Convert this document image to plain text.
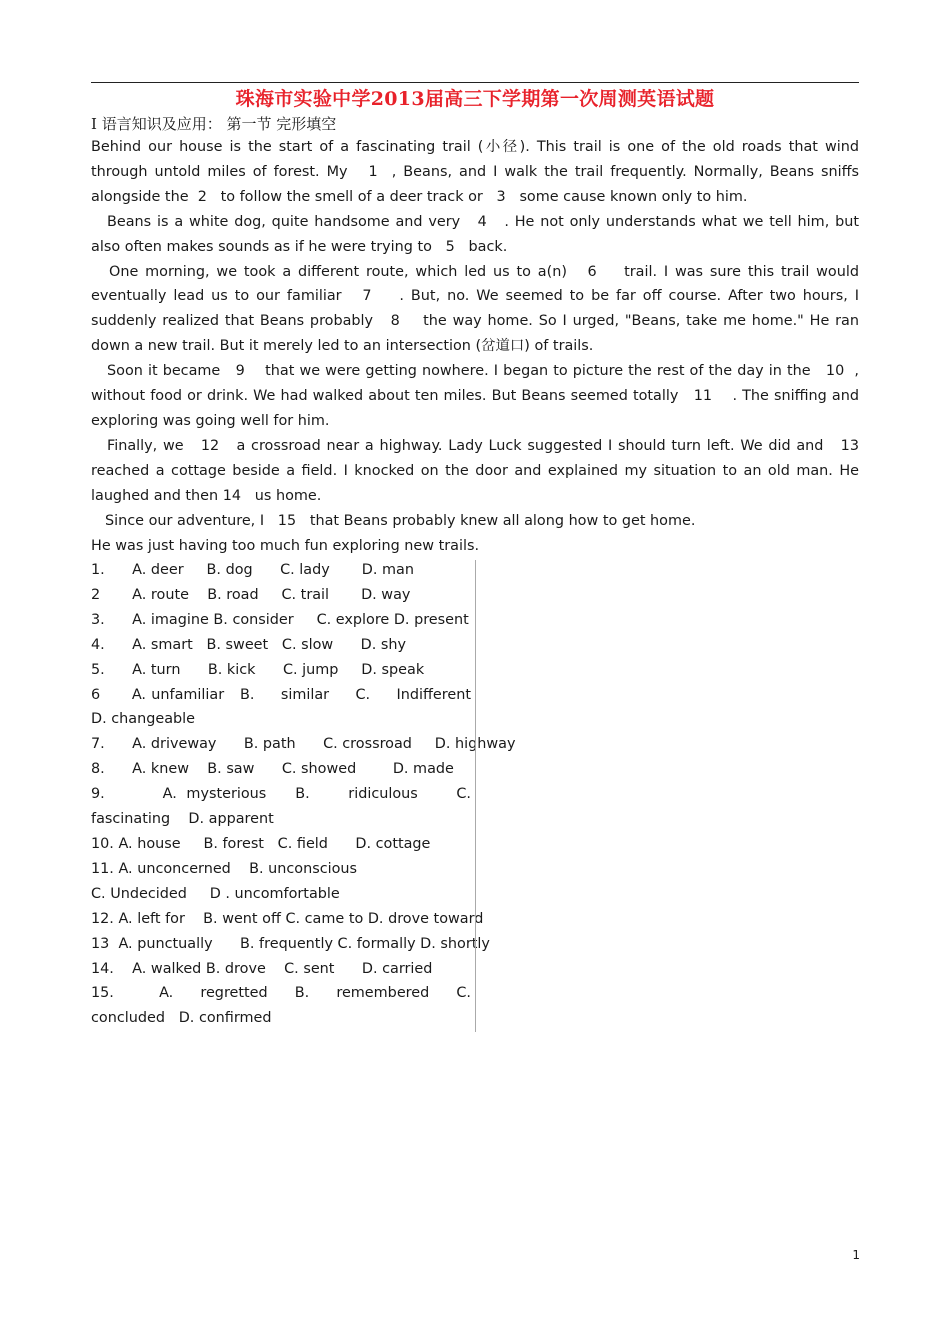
珠海市实验中学2013届高三下学期第一次周测英语试题
I 语言知识及应用： 第一节 完形填空

Behind our house is the start of a fascinating trail (小径). This trail is one of the old roads that wind through untold miles of forest. My   1  , Beans, and I walk the trail frequently. Normally, Beans sniffs alongside the  2   to follow the smell of a deer track or   3   some cause known only to him.

Beans is a white dog, quite handsome and very   4   . He not only understands what we tell him, but also often makes sounds as if he were trying to   5   back.

One morning, we took a different route, which led us to a(n)   6    trail. I was sure this trail would eventually lead us to our familiar   7    . But, no. We seemed to be far off course. After two hours, I suddenly realized that Beans probably   8    the way home. So I urged, "Beans, take me home." He ran down a new trail. But it merely led to an intersection (岔道口) of trails.

Soon it became   9    that we were getting nowhere. I began to picture the rest of the day in the   10  , without food or drink. We had walked about ten miles. But Beans seemed totally   11    . The sniffing and exploring was going well for him.

Finally, we   12   a crossroad near a highway. Lady Luck suggested I should turn left. We did and   13    reached a cottage beside a field. I knocked on the door and explained my situation to an old man. He laughed and then 14   us home.

Since our adventure, I   15   that Beans probably knew all along how to get home.

He was just having too much fun exploring new trails.

1.      A. deer     B. dog      C. lady       D. man
2       A. route    B. road     C. trail       D. way
3.      A. imagine B. consider     C. explore D. present
4.      A. smart   B. sweet   C. slow      D. shy
5.      A. turn      B. kick      C. jump     D. speak
6      A. unfamiliar   B.     similar     C.     Indifferent     D. changeable
7.      A. driveway      B. path      C. crossroad     D. highway
8.      A. knew    B. saw      C. showed        D. made
9.      A. mysterious   B.    ridiculous    C.    fascinating    D. apparent
10. A. house     B. forest   C. field      D. cottage
11. A. unconcerned    B. unconscious
C. Undecided     D . uncomfortable
12. A. left for    B. went off C. came to D. drove toward
13  A. punctually      B. frequently C. formally D. shortly
14.    A. walked B. drove    C. sent      D. carried
15.     A.   regretted   B.   remembered   C.   concluded   D. confirmed
1
